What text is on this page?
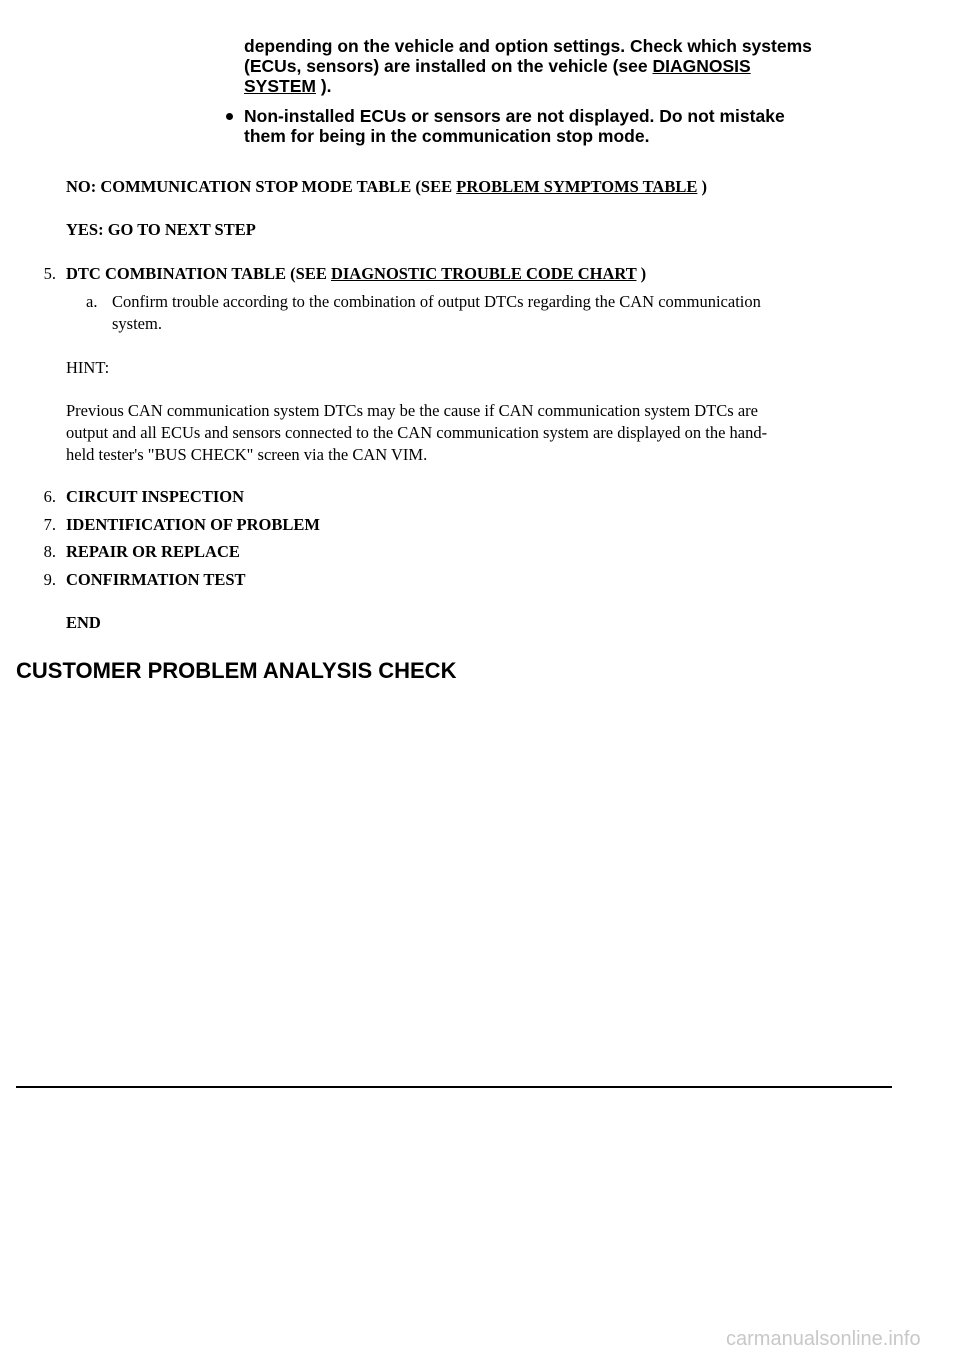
depending on the vehicle and option settings. Check which systems
(ECUs, sensors) are installed on the vehicle (see DIAGNOSIS
SYSTEM ).
Non-installed ECUs or sensors are not displayed. Do not mistake
them for being in the communication stop mode.
NO: COMMUNICATION STOP MODE TABLE (SEE PROBLEM SYMPTOMS TABLE )
YES: GO TO NEXT STEP
5. DTC COMBINATION TABLE (SEE DIAGNOSTIC TROUBLE CODE CHART )
a. Confirm trouble according to the combination of output DTCs regarding the CAN communication
system.
HINT:
Previous CAN communication system DTCs may be the cause if CAN communication system DTCs are
output and all ECUs and sensors connected to the CAN communication system are displayed on the hand-
held tester's "BUS CHECK" screen via the CAN VIM.
6. CIRCUIT INSPECTION
7. IDENTIFICATION OF PROBLEM
8. REPAIR OR REPLACE
9. CONFIRMATION TEST
END
CUSTOMER PROBLEM ANALYSIS CHECK
carmanualsonline.info
